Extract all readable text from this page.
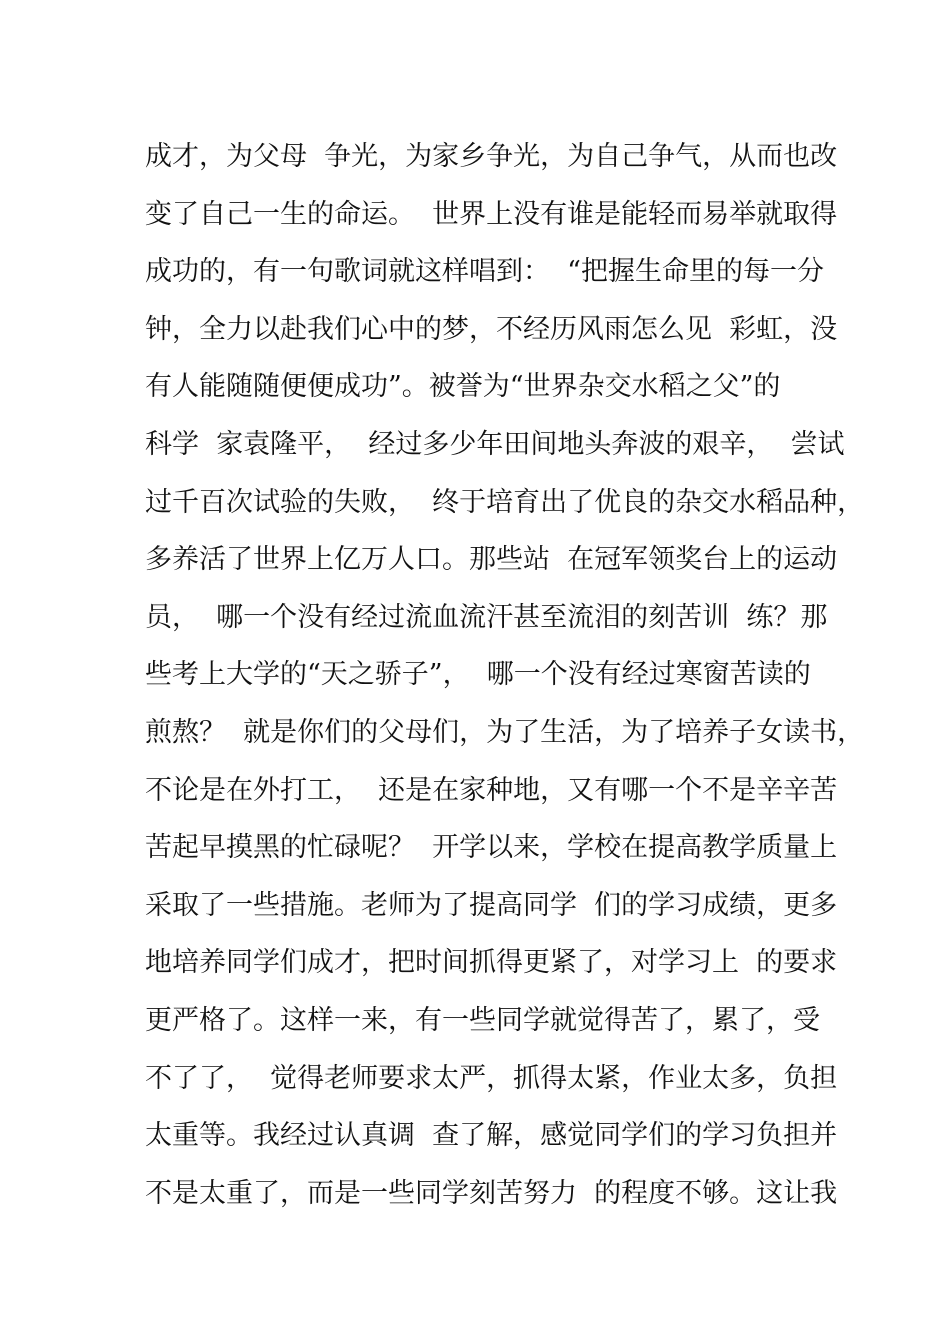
成才，为父母  争光，为家乡争光，为自己争气，从而也改
变了自己一生的命运。  世界上没有谁是能轻而易举就取得
成功的，有一句歌词就这样唱到：  “把握生命里的每一分
钟，全力以赴我们心中的梦，不经历风雨怎么见  彩虹，没
有人能随随便便成功”。被誉为“世界杂交水稻之父”的
科学  家袁隆平，  经过多少年田间地头奔波的艰辛，  尝试
过千百次试验的失败，  终于培育出了优良的杂交水稻品种，
多养活了世界上亿万人口。那些站  在冠军领奖台上的运动
员，  哪一个没有经过流血流汗甚至流泪的刻苦训  练？那
些考上大学的“天之骄子”，  哪一个没有经过寒窗苦读的
煎熬？  就是你们的父母们，为了生活，为了培养子女读书，
不论是在外打工，  还是在家种地，又有哪一个不是辛辛苦
苦起早摸黑的忙碌呢？  开学以来，学校在提高教学质量上
采取了一些措施。老师为了提高同学  们的学习成绩，更多
地培养同学们成才，把时间抓得更紧了，对学习上  的要求
更严格了。这样一来，有一些同学就觉得苦了，累了，受
不了了，  觉得老师要求太严，抓得太紧，作业太多，负担
太重等。我经过认真调  查了解，感觉同学们的学习负担并
不是太重了，而是一些同学刻苦努力  的程度不够。这让我
